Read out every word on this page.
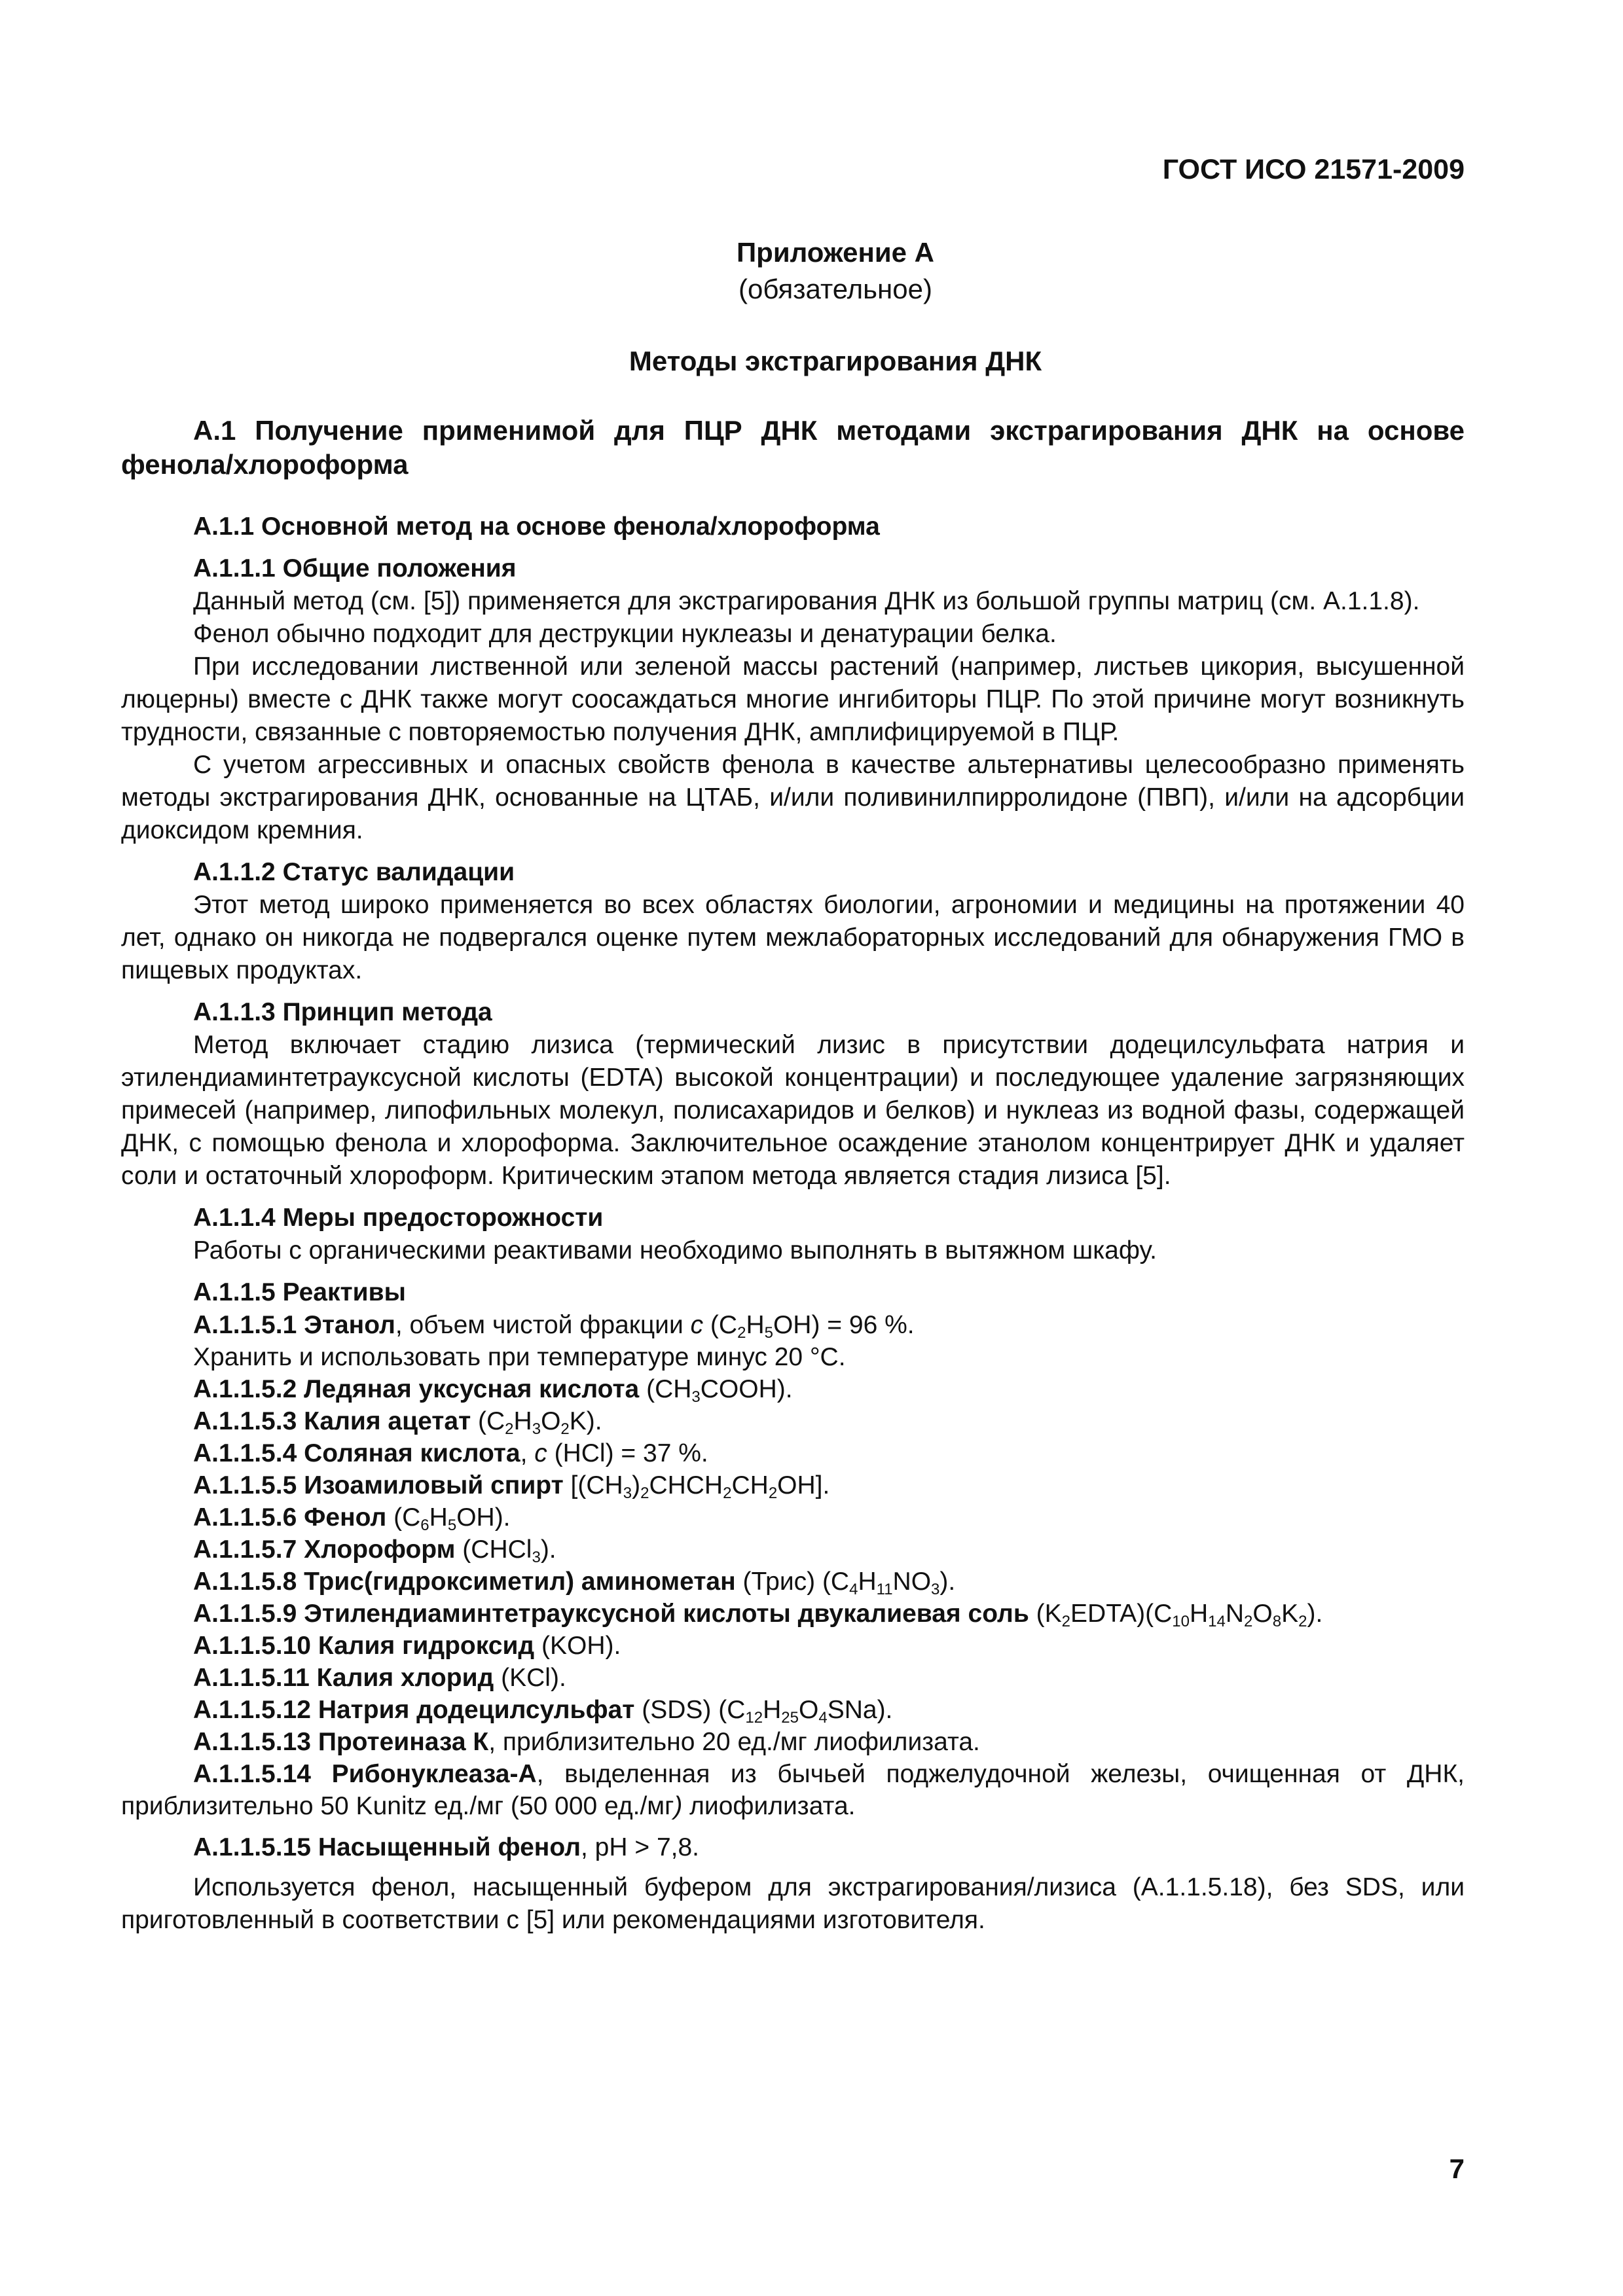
ГОСТ ИСО 21571-2009
Приложение А
(обязательное)
Методы экстрагирования ДНК
А.1 Получение применимой для ПЦР ДНК методами экстрагирования ДНК на основе фенола/хлороформа
А.1.1 Основной метод на основе фенола/хлороформа
А.1.1.1 Общие положения

Данный метод (см. [5]) применяется для экстрагирования ДНК из большой группы матриц (см. А.1.1.8).

Фенол обычно подходит для деструкции нуклеазы и денатурации белка.

При исследовании лиственной или зеленой массы растений (например, листьев цикория, высушенной люцерны) вместе с ДНК также могут соосаждаться многие ингибиторы ПЦР. По этой причине могут возникнуть трудности, связанные с повторяемостью получения ДНК, амплифицируемой в ПЦР.

С учетом агрессивных и опасных свойств фенола в качестве альтернативы целесообразно применять методы экстрагирования ДНК, основанные на ЦТАБ, и/или поливинилпирролидоне (ПВП), и/или на адсорбции диоксидом кремния.

А.1.1.2 Статус валидации

Этот метод широко применяется во всех областях биологии, агрономии и медицины на протяжении 40 лет, однако он никогда не подвергался оценке путем межлабораторных исследований для обнаружения ГМО в пищевых продуктах.

А.1.1.3 Принцип метода

Метод включает стадию лизиса (термический лизис в присутствии додецилсульфата натрия и этилендиаминтетрауксусной кислоты (EDTA) высокой концентрации) и последующее удаление загрязняющих примесей (например, липофильных молекул, полисахаридов и белков) и нуклеаз из водной фазы, содержащей ДНК, с помощью фенола и хлороформа. Заключительное осаждение этанолом концентрирует ДНК и удаляет соли и остаточный хлороформ. Критическим этапом метода является стадия лизиса [5].

А.1.1.4 Меры предосторожности

Работы с органическими реактивами необходимо выполнять в вытяжном шкафу.

А.1.1.5 Реактивы
А.1.1.5.1 Этанол, объем чистой фракции c $(C_2H_5OH) = 96$ %.
Хранить и использовать при температуре минус 20 °С.
А.1.1.5.2 Ледяная уксусная кислота $(CH_3COOH)$.
А.1.1.5.3 Калия ацетат $(C_2H_3O_2K)$.
А.1.1.5.4 Соляная кислота, c (HCl) = 37 %.
А.1.1.5.5 Изоамиловый спирт $[(CH_3)_2CHCH_2CH_2OH]$.
А.1.1.5.6 Фенол $(C_6H_5OH)$.
А.1.1.5.7 Хлороформ (CHCl$_3$).
А.1.1.5.8 Трис(гидроксиметил) аминометан (Трис) $(C_4H_{11}NO_3)$.
А.1.1.5.9 Этилендиаминтетрауксусной кислоты двукалиевая соль $(K_2EDTA)(C_{10}H_{14}N_2O_8K_2)$.
А.1.1.5.10 Калия гидроксид (KOH).
А.1.1.5.11 Калия хлорид (KCl).
А.1.1.5.12 Натрия додецилсульфат (SDS) $(C_{12}H_{25}O_4SNa)$.
А.1.1.5.13 Протеиназа К, приблизительно 20 ед./мг лиофилизата.

А.1.1.5.14 Рибонуклеаза-А, выделенная из бычьей поджелудочной железы, очищенная от ДНК, приблизительно 50 Kunitz ед./мг (50 000 ед./мг) лиофилизата.

А.1.1.5.15 Насыщенный фенол, pH > 7,8.

Используется фенол, насыщенный буфером для экстрагирования/лизиса (А.1.1.5.18), без SDS, или приготовленный в соответствии с [5] или рекомендациями изготовителя.

7
